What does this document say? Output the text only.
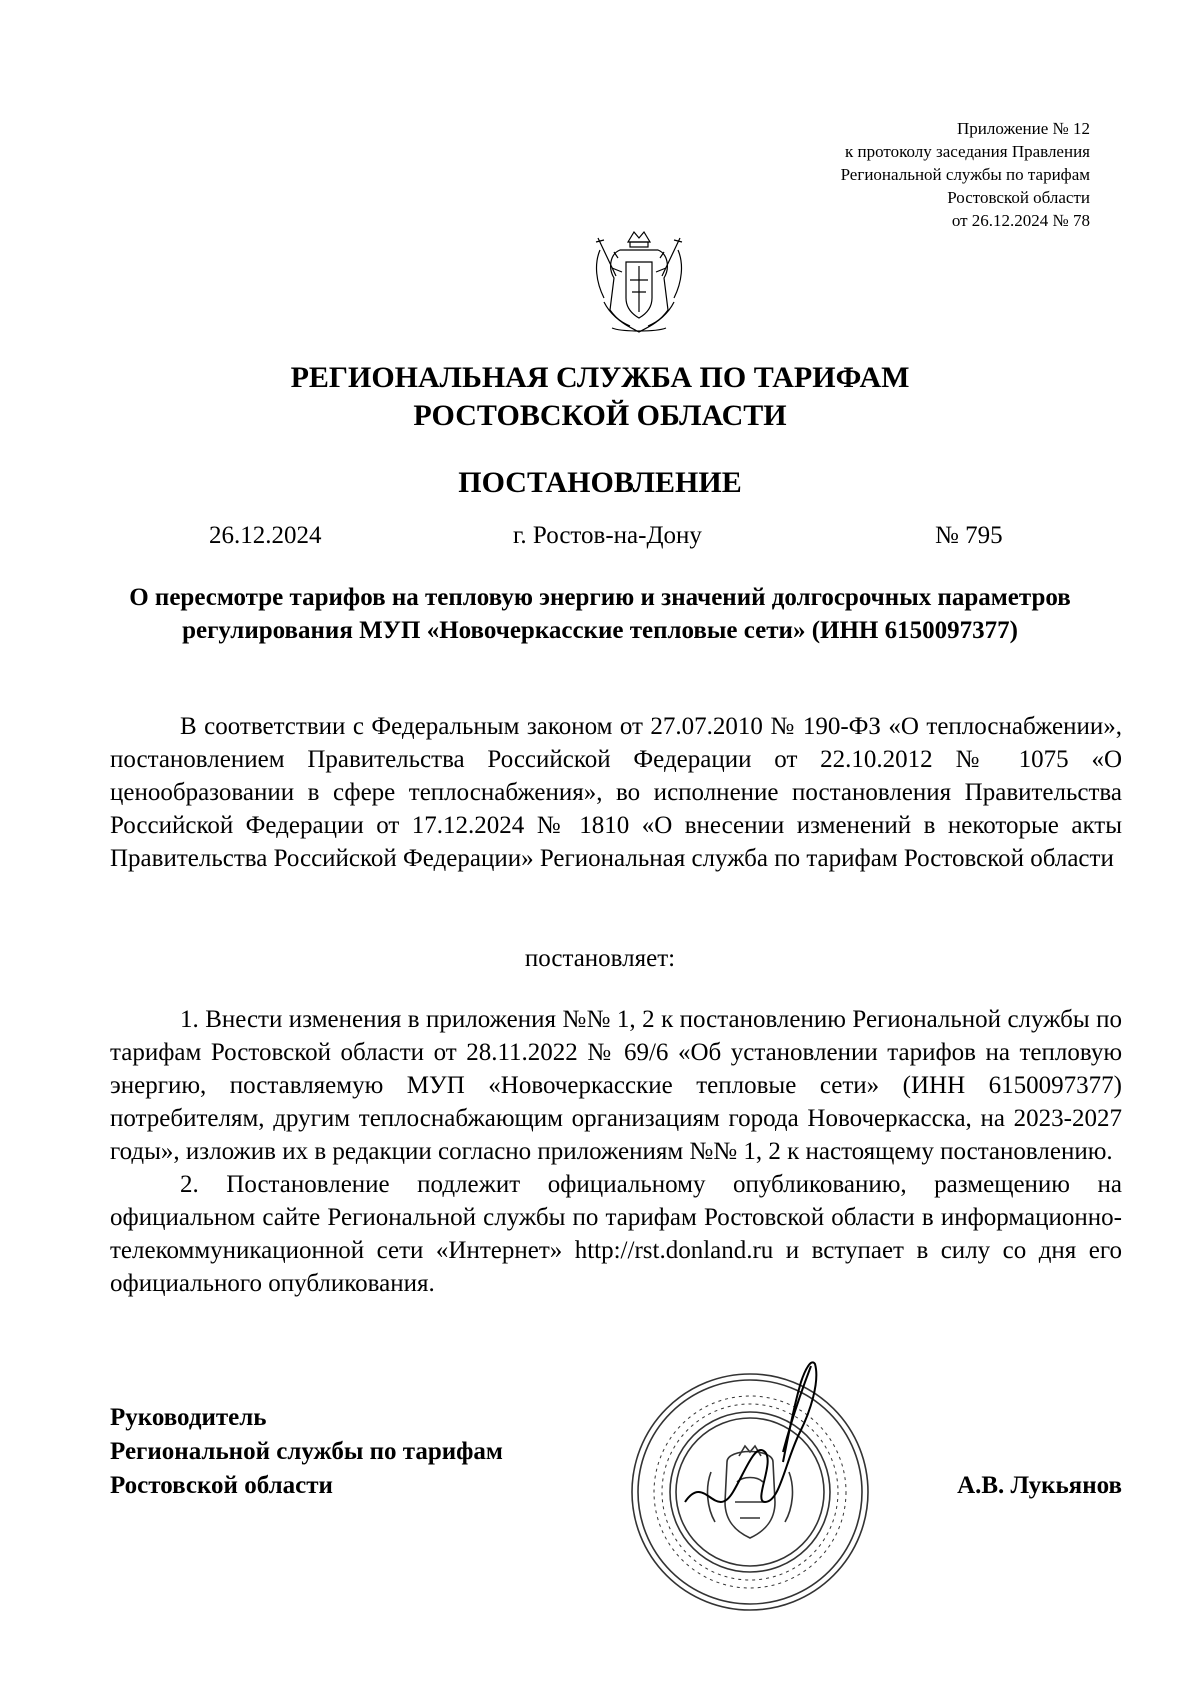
Приложение № 12
к протоколу заседания Правления
Региональной службы по тарифам
Ростовской области
от 26.12.2024 № 78
РЕГИОНАЛЬНАЯ СЛУЖБА ПО ТАРИФАМ
РОСТОВСКОЙ ОБЛАСТИ
ПОСТАНОВЛЕНИЕ
26.12.2024	г. Ростов-на-Дону	№ 795
О пересмотре тарифов на тепловую энергию и значений долгосрочных параметров регулирования МУП «Новочеркасские тепловые сети» (ИНН 6150097377)
В соответствии с Федеральным законом от 27.07.2010 № 190-ФЗ «О теплоснабжении», постановлением Правительства Российской Федерации от 22.10.2012 № 1075 «О ценообразовании в сфере теплоснабжения», во исполнение постановления Правительства Российской Федерации от 17.12.2024 № 1810 «О внесении изменений в некоторые акты Правительства Российской Федерации» Региональная служба по тарифам Ростовской области
постановляет:

1. Внести изменения в приложения №№ 1, 2 к постановлению Региональной службы по тарифам Ростовской области от 28.11.2022 № 69/6 «Об установлении тарифов на тепловую энергию, поставляемую МУП «Новочеркасские тепловые сети» (ИНН 6150097377) потребителям, другим теплоснабжающим организациям города Новочеркасска, на 2023-2027 годы», изложив их в редакции согласно приложениям №№ 1, 2 к настоящему постановлению.

2. Постановление подлежит официальному опубликованию, размещению на официальном сайте Региональной службы по тарифам Ростовской области в информационно-телекоммуникационной сети «Интернет» http://rst.donland.ru и вступает в силу со дня его официального опубликования.

Руководитель
Региональной службы по тарифам
Ростовской области	А.В. Лукьянов
